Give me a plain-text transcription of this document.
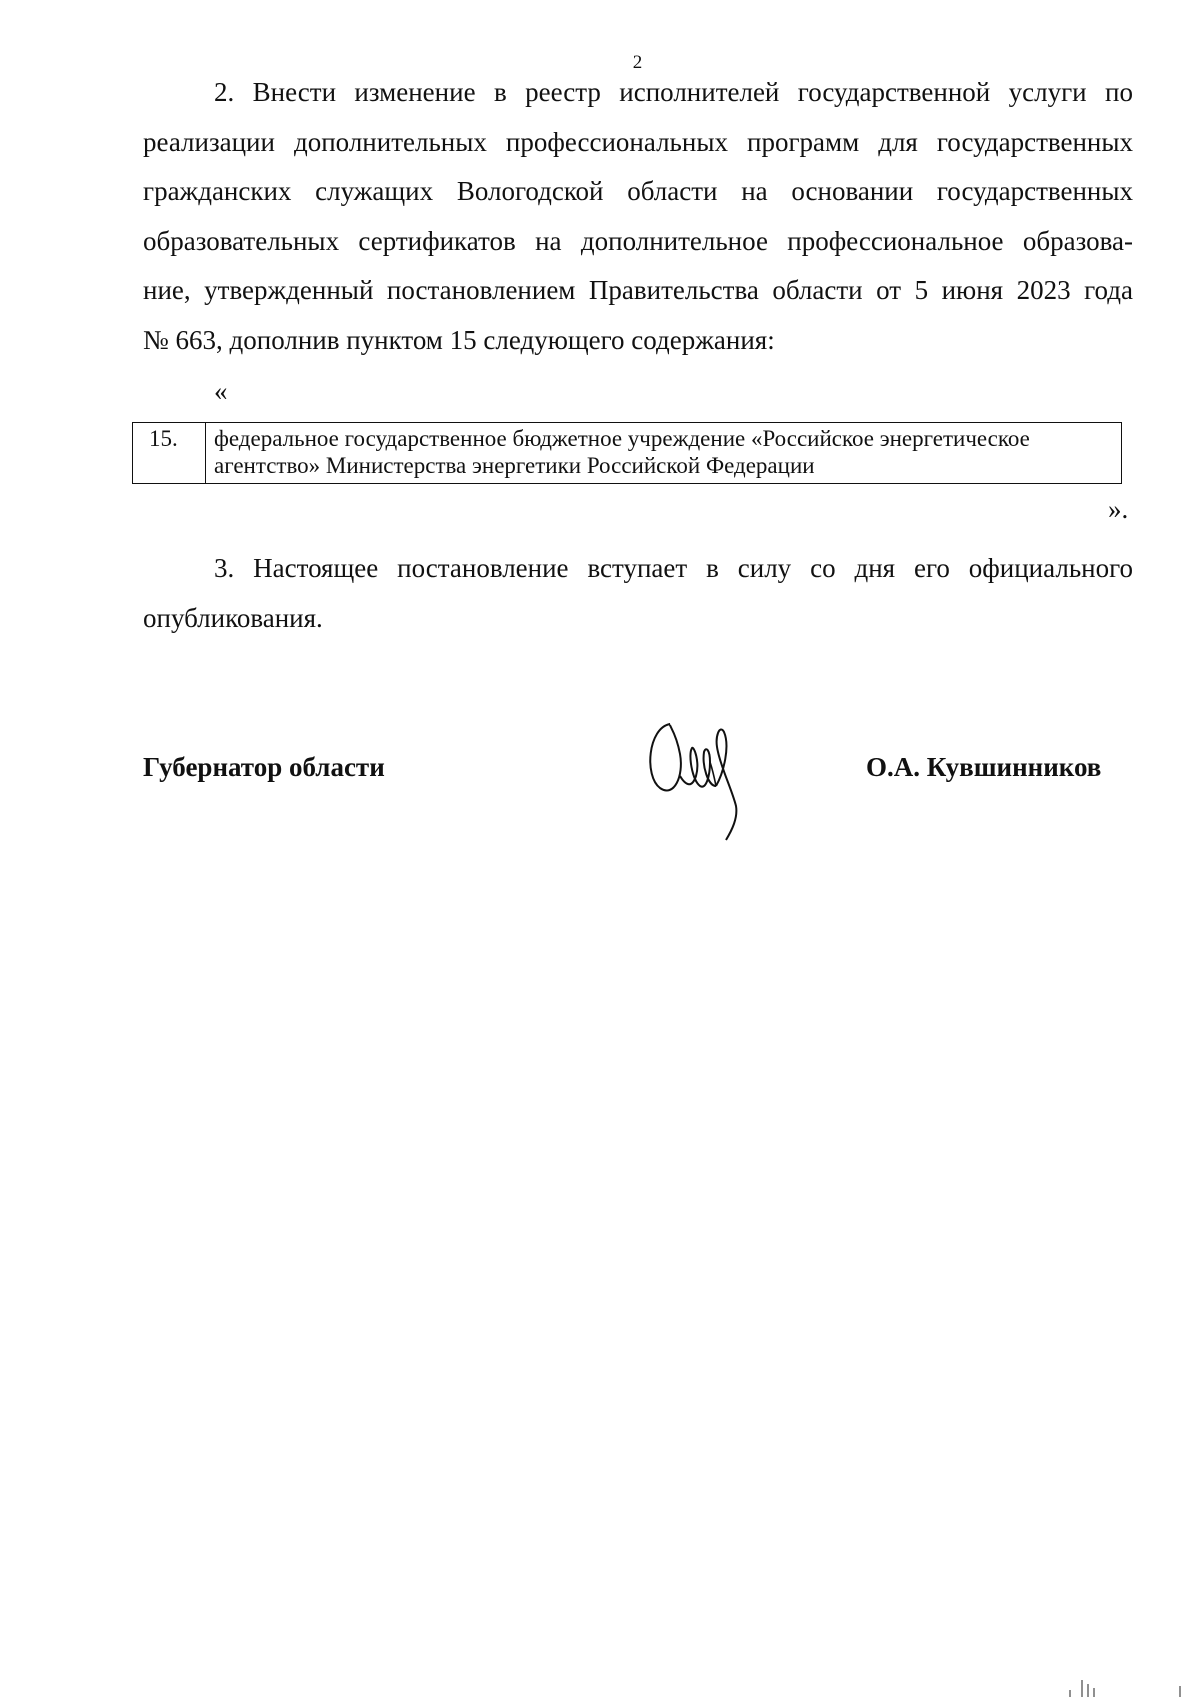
2
2. Внести изменение в реестр исполнителей государственной услуги по
реализации дополнительных профессиональных программ для государственных
гражданских служащих Вологодской области на основании государственных
образовательных сертификатов на дополнительное профессиональное образова-
ние, утвержденный постановлением Правительства области от 5 июня 2023 года
№ 663, дополнив пунктом 15 следующего содержания:
«
15.	федеральное государственное бюджетное учреждение «Российское энергетическое
агентство» Министерства энергетики Российской Федерации
».
3. Настоящее постановление вступает в силу со дня его официального
опубликования.
Губернатор области	О.А. Кувшинников
